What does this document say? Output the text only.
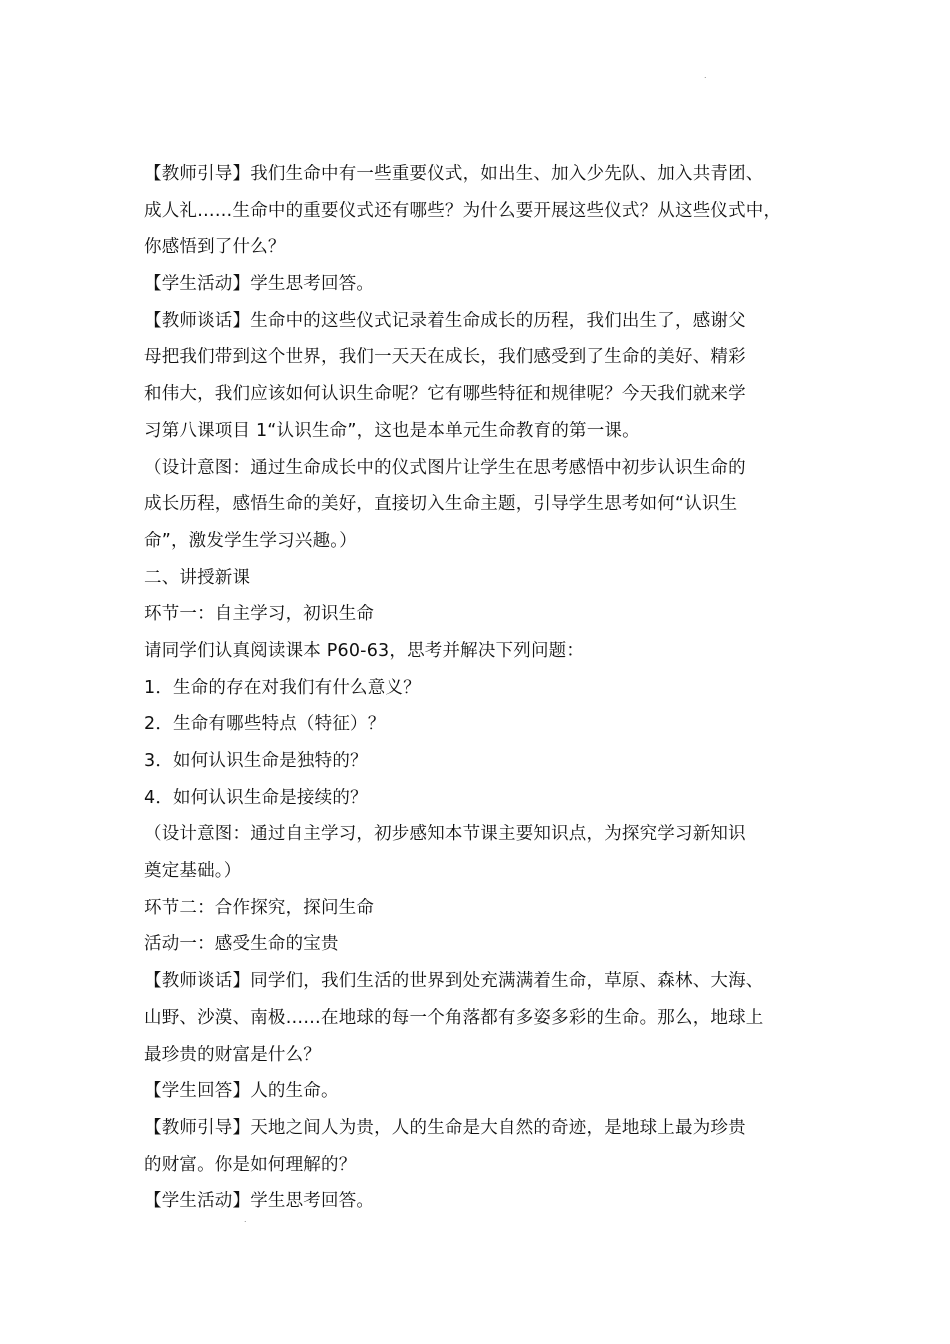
˙
【教师引导】我们生命中有一些重要仪式，如出生、加入少先队、加入共青团、
成人礼……生命中的重要仪式还有哪些？为什么要开展这些仪式？从这些仪式中，
你感悟到了什么？
【学生活动】学生思考回答。
【教师谈话】生命中的这些仪式记录着生命成长的历程，我们出生了，感谢父
母把我们带到这个世界，我们一天天在成长，我们感受到了生命的美好、精彩
和伟大，我们应该如何认识生命呢？它有哪些特征和规律呢？今天我们就来学
习第八课项目 1“认识生命”，这也是本单元生命教育的第一课。
（设计意图：通过生命成长中的仪式图片让学生在思考感悟中初步认识生命的
成长历程，感悟生命的美好，直接切入生命主题，引导学生思考如何“认识生
命”，激发学生学习兴趣。）
二、讲授新课
环节一：自主学习，初识生命
请同学们认真阅读课本 P60-63，思考并解决下列问题：
1．生命的存在对我们有什么意义？
2．生命有哪些特点（特征）？
3．如何认识生命是独特的？
4．如何认识生命是接续的？
（设计意图：通过自主学习，初步感知本节课主要知识点，为探究学习新知识
奠定基础。）
环节二：合作探究，探问生命
活动一：感受生命的宝贵
【教师谈话】同学们，我们生活的世界到处充满满着生命，草原、森林、大海、
山野、沙漠、南极……在地球的每一个角落都有多姿多彩的生命。那么，地球上
最珍贵的财富是什么？
【学生回答】人的生命。
【教师引导】天地之间人为贵，人的生命是大自然的奇迹，是地球上最为珍贵
的财富。你是如何理解的？
【学生活动】学生思考回答。
˙
